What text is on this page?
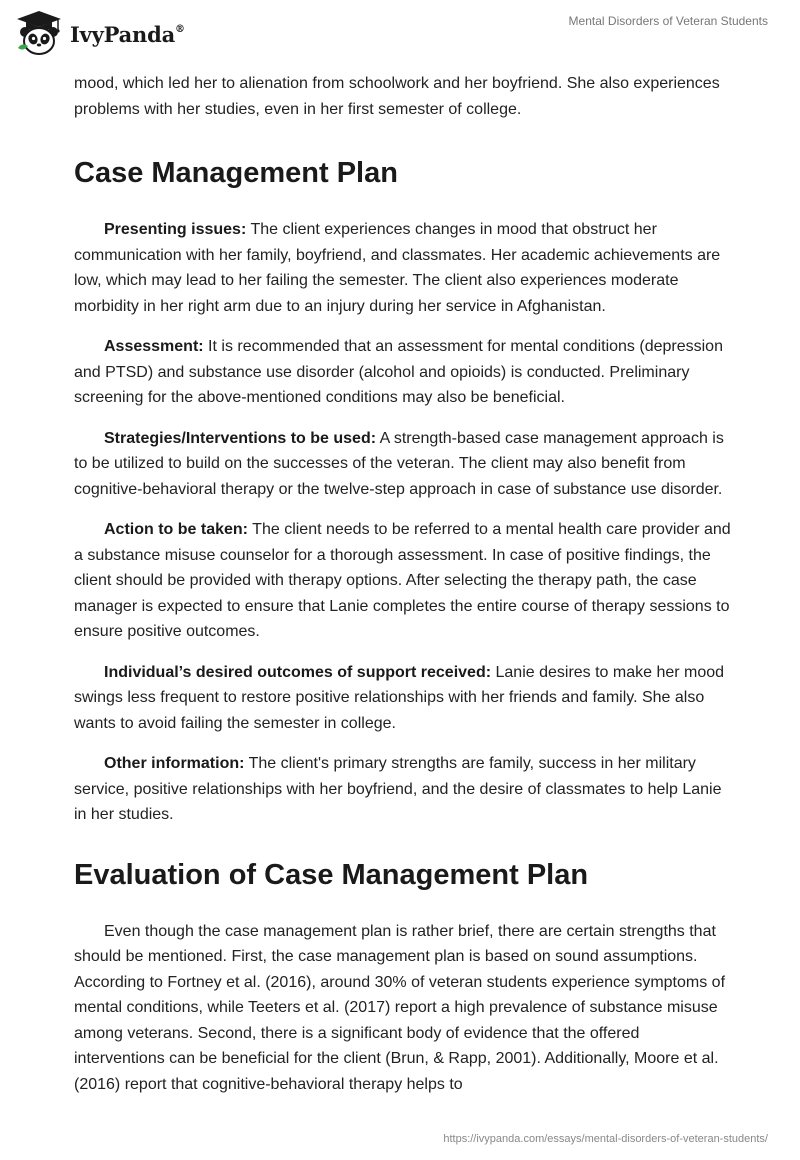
IvyPanda®
Mental Disorders of Veteran Students

mood, which led her to alienation from schoolwork and her boyfriend. She also experiences problems with her studies, even in her first semester of college.

Case Management Plan

Presenting issues: The client experiences changes in mood that obstruct her communication with her family, boyfriend, and classmates. Her academic achievements are low, which may lead to her failing the semester. The client also experiences moderate morbidity in her right arm due to an injury during her service in Afghanistan.

Assessment: It is recommended that an assessment for mental conditions (depression and PTSD) and substance use disorder (alcohol and opioids) is conducted. Preliminary screening for the above-mentioned conditions may also be beneficial.

Strategies/Interventions to be used: A strength-based case management approach is to be utilized to build on the successes of the veteran. The client may also benefit from cognitive-behavioral therapy or the twelve-step approach in case of substance use disorder.

Action to be taken: The client needs to be referred to a mental health care provider and a substance misuse counselor for a thorough assessment. In case of positive findings, the client should be provided with therapy options. After selecting the therapy path, the case manager is expected to ensure that Lanie completes the entire course of therapy sessions to ensure positive outcomes.

Individual’s desired outcomes of support received: Lanie desires to make her mood swings less frequent to restore positive relationships with her friends and family. She also wants to avoid failing the semester in college.

Other information: The client's primary strengths are family, success in her military service, positive relationships with her boyfriend, and the desire of classmates to help Lanie in her studies.

Evaluation of Case Management Plan

Even though the case management plan is rather brief, there are certain strengths that should be mentioned. First, the case management plan is based on sound assumptions. According to Fortney et al. (2016), around 30% of veteran students experience symptoms of mental conditions, while Teeters et al. (2017) report a high prevalence of substance misuse among veterans. Second, there is a significant body of evidence that the offered interventions can be beneficial for the client (Brun, & Rapp, 2001). Additionally, Moore et al. (2016) report that cognitive-behavioral therapy helps to

https://ivypanda.com/essays/mental-disorders-of-veteran-students/
